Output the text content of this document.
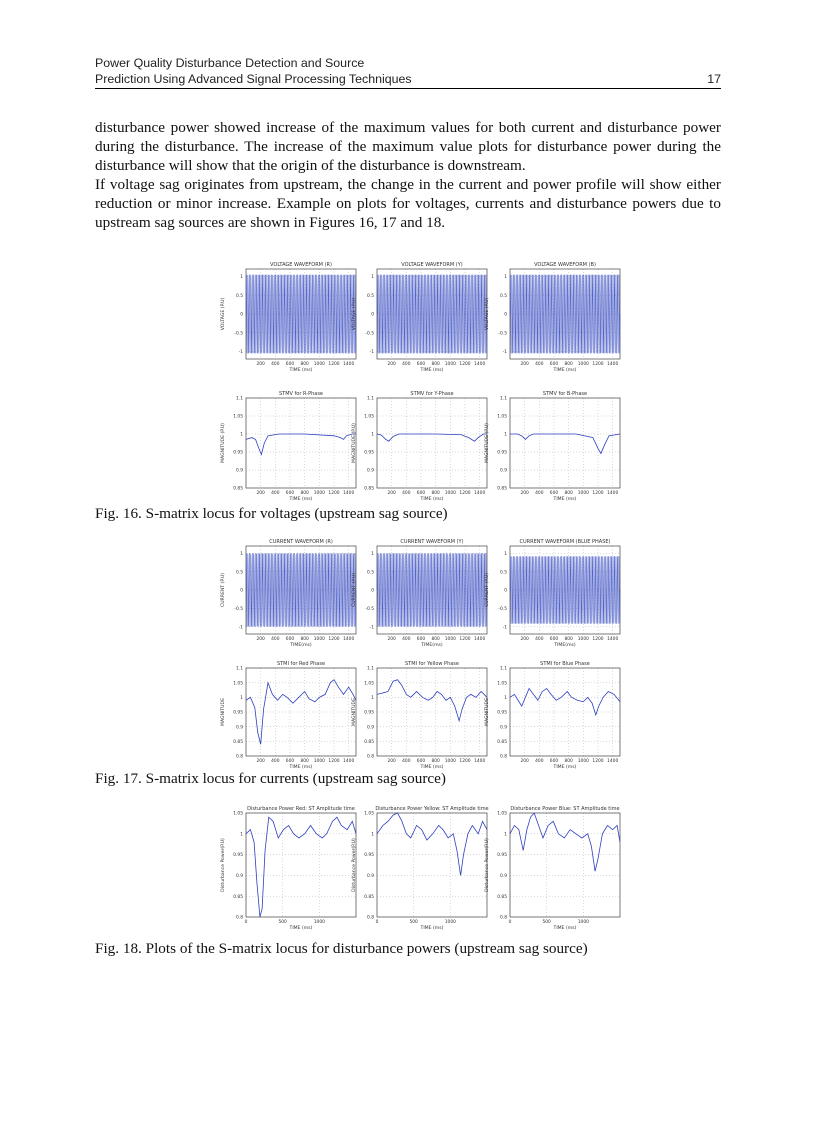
Power Quality Disturbance Detection and Source
Prediction Using Advanced Signal Processing Techniques	17

disturbance power showed increase of the maximum values for both current and disturbance power during the disturbance. The increase of the maximum value plots for disturbance power during the disturbance will show that the origin of the disturbance is downstream.

If voltage sag originates from upstream, the change in the current and power profile will show either reduction or minor increase. Example on plots for voltages, currents and disturbance powers due to upstream sag sources are shown in Figures 16, 17 and 18.

VOLTAGE WAVEFORM (R)
200 400 600 800 1000 1200 1400
-1
-0.5
0
0.5
1
TIME (ms)
VOLTAGE (P.U)
VOLTAGE WAVEFORM (Y)
200 400 600 800 1000 1200 1400
-1
-0.5
0
0.5
1
TIME (ms)
VOLTAGE (P.U)
VOLTAGE WAVEFORM (B)
200 400 600 800 1000 1200 1400
-1
-0.5
0
0.5
1
TIME (ms)
VOLTAGE (P.U)
STMV for R-Phase
200 400 600 800 1000 1200 1400
0.85
0.9
0.95
1
1.05
1.1
TIME (ms)
MAGNITUDE (P.U)
STMV for Y-Phase
200 400 600 800 1000 1200 1400
0.85
0.9
0.95
1
1.05
1.1
TIME (ms)
MAGNITUDE (P.U)
STMV for B-Phase
200 400 600 800 1000 1200 1400
0.85
0.9
0.95
1
1.05
1.1
TIME (ms)
MAGNITUDE (P.U)
Fig. 16. S-matrix locus for voltages (upstream sag source)
CURRENT WAVEFORM (R)
200 400 600 800 1000 1200 1400
-1
-0.5
0
0.5
1
TIME(ms)
CURRENT (P.U)
CURRENT WAVEFORM (Y)
200 400 600 800 1000 1200 1400
-1
-0.5
0
0.5
1
TIME(ms)
CURRENT (P.U)
CURRENT WAVEFORM (BLUE PHASE)
200 400 600 800 1000 1200 1400
-1
-0.5
0
0.5
1
TIME(ms)
CURRENT (P.U)
STMI for Red Phase
200 400 600 800 1000 1200 1400
0.8
0.85
0.9
0.95
1
1.05
1.1
TIME (ms)
MAGNITUDE
STMI for Yellow Phase
200 400 600 800 1000 1200 1400
0.8
0.85
0.9
0.95
1
1.05
1.1
TIME (ms)
MAGNITUDE
STMI for Blue Phase
200 400 600 800 1000 1200 1400
0.8
0.85
0.9
0.95
1
1.05
1.1
TIME (ms)
MAGNITUDE
Fig. 17. S-matrix locus for currents (upstream sag source)
Disturbance Power Red: ST Amplitude time
0	500	1000
0.8
0.85
0.9
0.95
1
1.05
TIME (ms)
Disturbance Power(P.U)
Disturbance Power Yellow: ST Amplitude time
0	500	1000
0.8
0.85
0.9
0.95
1
1.05
TIME (ms)
Disturbance Power(P.U)
Disturbance Power Blue: ST Amplitude time
0	500	1000
0.8
0.85
0.9
0.95
1
1.05
TIME (ms)
Disturbance Power(P.U)
Fig. 18. Plots of the S-matrix locus for disturbance powers (upstream sag source)
